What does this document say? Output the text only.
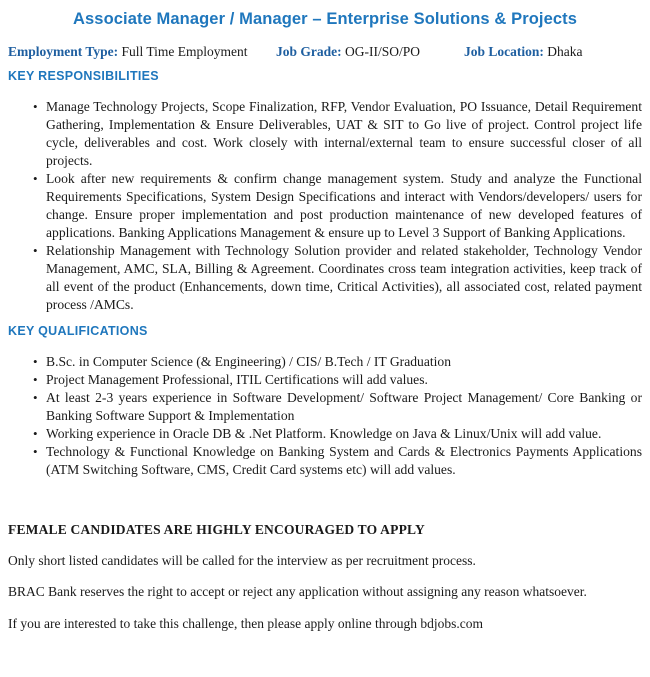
Associate Manager / Manager – Enterprise Solutions & Projects
Employment Type: Full Time Employment Job Grade: OG-II/SO/PO	Job Location: Dhaka
KEY RESPONSIBILITIES
• Manage Technology Projects, Scope Finalization, RFP, Vendor Evaluation, PO Issuance, Detail Requirement Gathering, Implementation & Ensure Deliverables, UAT & SIT to Go live of project. Control project life cycle, deliverables and cost. Work closely with internal/external team to ensure successful closer of all projects.
• Look after new requirements & confirm change management system. Study and analyze the Functional Requirements Specifications, System Design Specifications and interact with Vendors/developers/ users for change. Ensure proper implementation and post production maintenance of new developed features of applications. Banking Applications Management & ensure up to Level 3 Support of Banking Applications.
• Relationship Management with Technology Solution provider and related stakeholder, Technology Vendor Management, AMC, SLA, Billing & Agreement. Coordinates cross team integration activities, keep track of all event of the product (Enhancements, down time, Critical Activities), all associated cost, related payment process /AMCs.
KEY QUALIFICATIONS
• B.Sc. in Computer Science (& Engineering) / CIS/ B.Tech / IT Graduation
• Project Management Professional, ITIL Certifications will add values.
• At least 2-3 years experience in Software Development/ Software Project Management/ Core Banking or Banking Software Support & Implementation
• Working experience in Oracle DB & .Net Platform. Knowledge on Java & Linux/Unix will add value.
• Technology & Functional Knowledge on Banking System and Cards & Electronics Payments Applications (ATM Switching Software, CMS, Credit Card systems etc) will add values.
FEMALE CANDIDATES ARE HIGHLY ENCOURAGED TO APPLY
Only short listed candidates will be called for the interview as per recruitment process.
BRAC Bank reserves the right to accept or reject any application without assigning any reason whatsoever.
If you are interested to take this challenge, then please apply online through bdjobs.com
